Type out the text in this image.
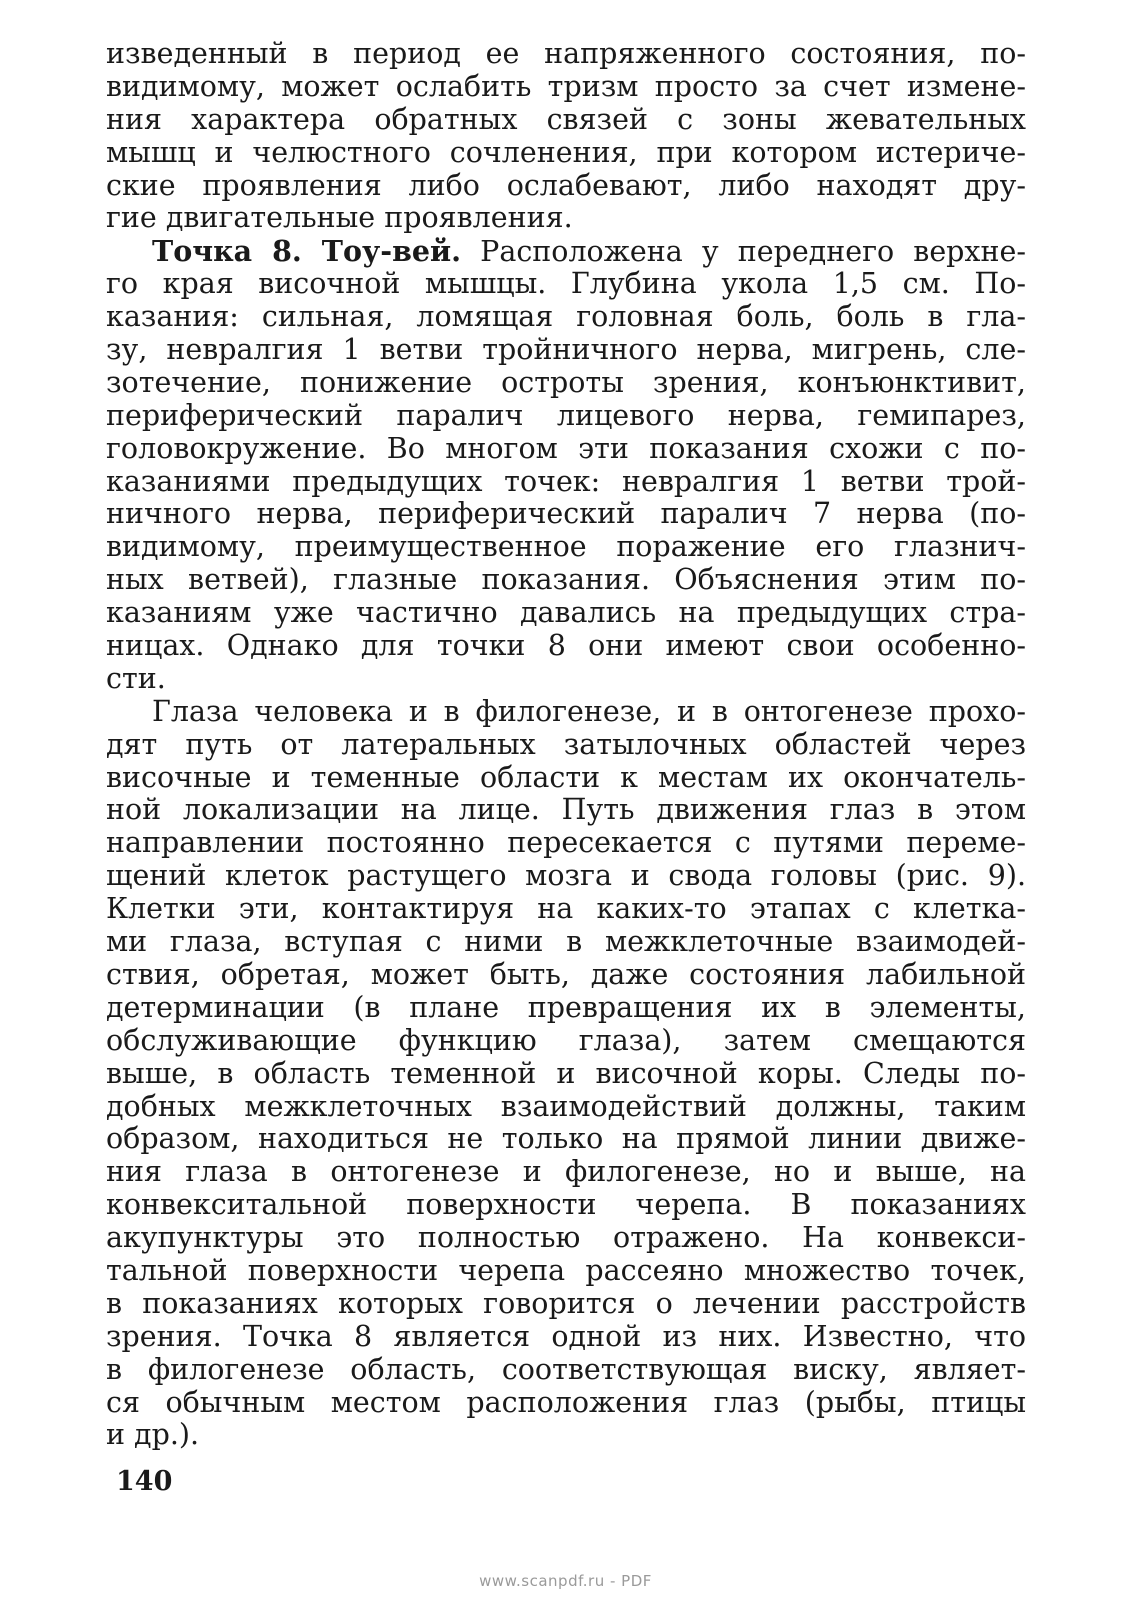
изведенный в период ее напряженного состояния, по-
видимому, может ослабить тризм просто за счет измене-
ния характера обратных связей с зоны жевательных
мышц и челюстного сочленения, при котором истериче-
ские проявления либо ослабевают, либо находят дру-
гие двигательные проявления.
Точка 8. Тоу-вей. Расположена у переднего верхне-
го края височной мышцы. Глубина укола 1,5 см. По-
казания: сильная, ломящая головная боль, боль в гла-
зу, невралгия 1 ветви тройничного нерва, мигрень, сле-
зотечение, понижение остроты зрения, конъюнктивит,
периферический паралич лицевого нерва, гемипарез,
головокружение. Во многом эти показания схожи с по-
казаниями предыдущих точек: невралгия 1 ветви трой-
ничного нерва, периферический паралич 7 нерва (по-
видимому, преимущественное поражение его глазнич-
ных ветвей), глазные показания. Объяснения этим по-
казаниям уже частично давались на предыдущих стра-
ницах. Однако для точки 8 они имеют свои особенно-
сти.
Глаза человека и в филогенезе, и в онтогенезе прохо-
дят путь от латеральных затылочных областей через
височные и теменные области к местам их окончатель-
ной локализации на лице. Путь движения глаз в этом
направлении постоянно пересекается с путями переме-
щений клеток растущего мозга и свода головы (рис. 9).
Клетки эти, контактируя на каких-то этапах с клетка-
ми глаза, вступая с ними в межклеточные взаимодей-
ствия, обретая, может быть, даже состояния лабильной
детерминации (в плане превращения их в элементы,
обслуживающие функцию глаза), затем смещаются
выше, в область теменной и височной коры. Следы по-
добных межклеточных взаимодействий должны, таким
образом, находиться не только на прямой линии движе-
ния глаза в онтогенезе и филогенезе, но и выше, на
конвекситальной поверхности черепа. В показаниях
акупунктуры это полностью отражено. На конвекси-
тальной поверхности черепа рассеяно множество точек,
в показаниях которых говорится о лечении расстройств
зрения. Точка 8 является одной из них. Известно, что
в филогенезе область, соответствующая виску, являет-
ся обычным местом расположения глаз (рыбы, птицы
и др.).
140
www.scanpdf.ru - PDF
